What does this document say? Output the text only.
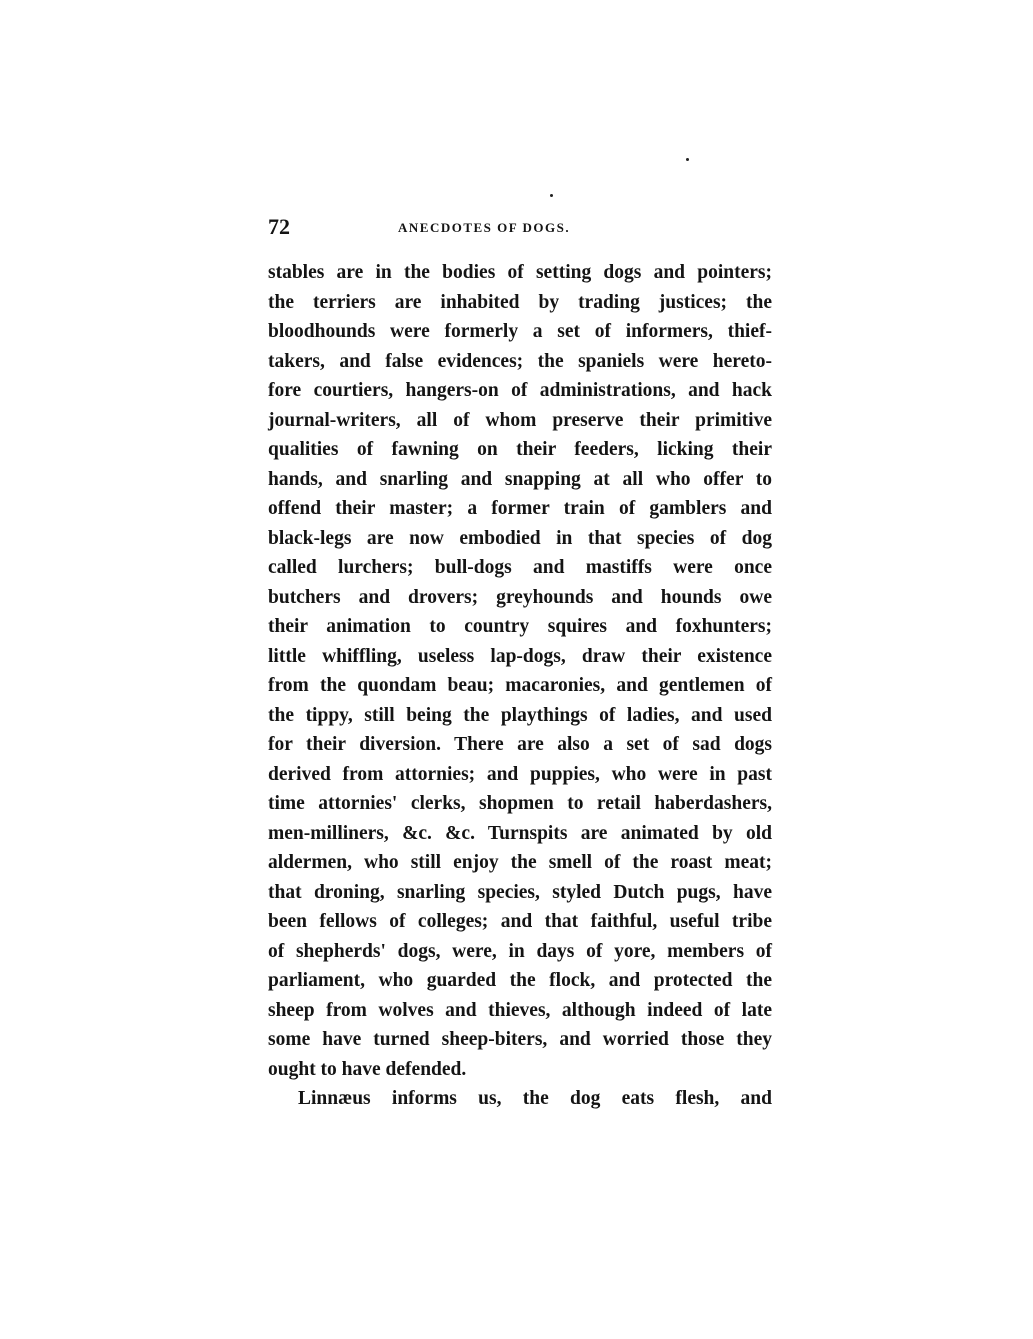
72	ANECDOTES OF DOGS.
stables are in the bodies of setting dogs and pointers;
the terriers are inhabited by trading justices; the
bloodhounds were formerly a set of informers, thief-
takers, and false evidences; the spaniels were hereto-
fore courtiers, hangers-on of administrations, and hack
journal-writers, all of whom preserve their primitive
qualities of fawning on their feeders, licking their
hands, and snarling and snapping at all who offer to
offend their master; a former train of gamblers and
black-legs are now embodied in that species of dog
called lurchers; bull-dogs and mastiffs were once
butchers and drovers; greyhounds and hounds owe
their animation to country squires and foxhunters;
little whiffling, useless lap-dogs, draw their existence
from the quondam beau; macaronies, and gentlemen of
the tippy, still being the playthings of ladies, and used
for their diversion. There are also a set of sad dogs
derived from attornies; and puppies, who were in past
time attornies' clerks, shopmen to retail haberdashers,
men-milliners, &c. &c. Turnspits are animated by old
aldermen, who still enjoy the smell of the roast meat;
that droning, snarling species, styled Dutch pugs, have
been fellows of colleges; and that faithful, useful tribe
of shepherds' dogs, were, in days of yore, members of
parliament, who guarded the flock, and protected the
sheep from wolves and thieves, although indeed of late
some have turned sheep-biters, and worried those they
ought to have defended.
Linnæus informs us, the dog eats flesh, and
